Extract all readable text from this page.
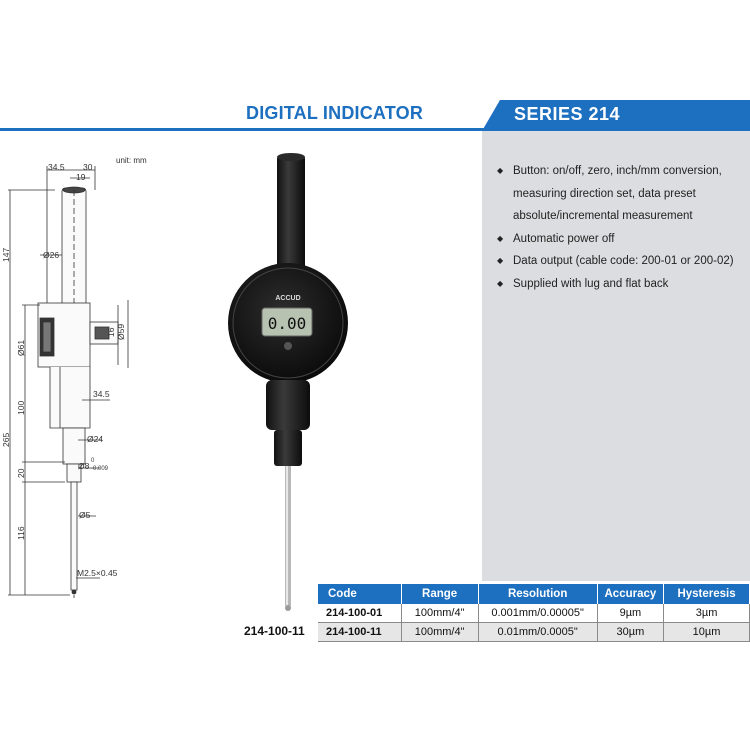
DIGITAL INDICATOR	SERIES 214
◆ Button: on/off, zero, inch/mm conversion, measuring direction set, data preset absolute/incremental measurement
◆ Automatic power off
◆ Data output (cable code: 200-01 or 200-02)
◆ Supplied with lug and flat back
unit: mm
34.5 30
19
147	Ø26
Ø61
Ø59
16
100
34.5
265	Ø24
Ø8 0
-0.009
20
Ø5
116
M2.5×0.45
ACCUD
0.00
214-100-11
Code	Range	Resolution	Accuracy	Hysteresis
214-100-01	100mm/4"	0.001mm/0.00005"	9µm	3µm
214-100-11	100mm/4"	0.01mm/0.0005"	30µm	10µm
